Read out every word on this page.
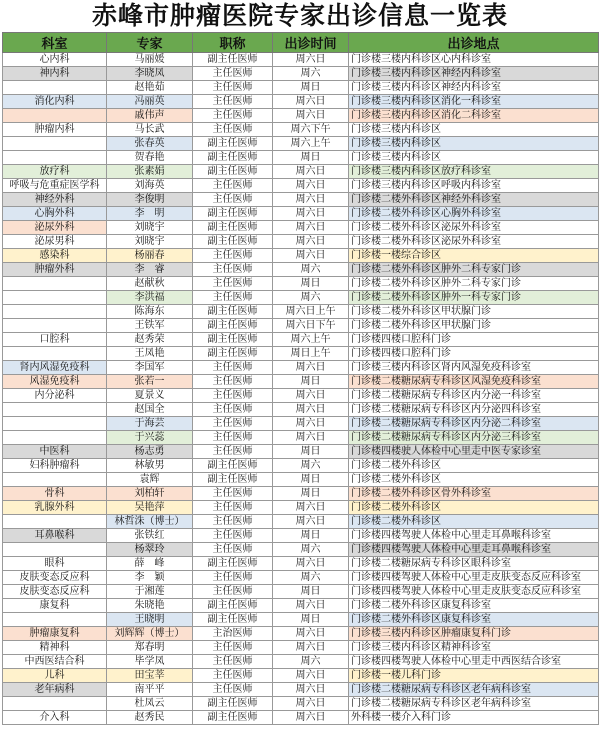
赤峰市肿瘤医院专家出诊信息一览表
科室	专家	职称	出诊时间	出诊地点
心内科	马丽媛	副主任医师	周六日	门诊楼三楼内科诊区心内科诊室
神内科	李晓凤	主任医师	周六	门诊楼三楼内科诊区神经内科诊室
	赵艳茹	主任医师	周日	门诊楼三楼内科诊区神经内科诊室
消化内科	冯丽英	主任医师	周六日	门诊楼三楼内科诊区消化一科诊室
	戚伟声	主任医师	周六日	门诊楼三楼内科诊区消化二科诊室
肿瘤内科	马长武	主任医师	周六下午	门诊楼三楼内科诊区
	张春英	副主任医师	周六上午	门诊楼三楼内科诊区
	贺春艳	副主任医师	周日	门诊楼三楼内科诊区
放疗科	张素娟	副主任医师	周六日	门诊楼三楼内科诊区放疗科诊室
呼吸与危重症医学科	刘海英	主任医师	周六日	门诊楼三楼内科诊区呼吸内科诊室
神经外科	李俊明	主任医师	周六日	门诊楼二楼外科诊区神经外科诊室
心胸外科	李　明	副主任医师	周六日	门诊楼二楼外科诊区心胸外科诊室
泌尿外科	刘晓宇	副主任医师	周六日	门诊楼二楼外科诊区泌尿外科诊室
泌尿男科	刘晓宇	副主任医师	周六日	门诊楼二楼外科诊区泌尿外科诊室
感染科	杨丽春	主任医师	周六日	门诊楼一楼综合诊区
肿瘤外科	李　睿	主任医师	周六	门诊楼二楼外科诊区肿外二科专家门诊
	赵献秋	主任医师	周日	门诊楼二楼外科诊区肿外二科专家门诊
	李洪福	主任医师	周六	门诊楼二楼外科诊区肿外一科专家门诊
	陈海东	副主任医师	周六日上午	门诊楼二楼外科诊区甲状腺门诊
	王铁军	副主任医师	周六日下午	门诊楼二楼外科诊区甲状腺门诊
口腔科	赵秀荣	副主任医师	周六上午	门诊楼四楼口腔科门诊
	王凤艳	副主任医师	周日上午	门诊楼四楼口腔科门诊
肾内风湿免疫科	李国军	主任医师	周六日	门诊楼三楼内科诊区肾内风湿免疫科诊室
风湿免疫科	张若一	主任医师	周日	门诊楼二楼糖尿病专科诊区风湿免疫科诊室
内分泌科	夏景义	主任医师	周六日	门诊楼二楼糖尿病专科诊区内分泌一科诊室
	赵国全	主任医师	周六日	门诊楼二楼糖尿病专科诊区内分泌四科诊室
	于海芸	主任医师	周六日	门诊楼二楼糖尿病专科诊区内分泌二科诊室
	于兴蕊	主任医师	周六日	门诊楼二楼糖尿病专科诊区内分泌三科诊室
中医科	杨志勇	主任医师	周日	门诊楼四楼驶人体检中心里走中医专家诊室
妇科肿瘤科	林敏男	副主任医师	周六	门诊楼二楼外科诊区
	袁辉	副主任医师	周日	门诊楼二楼外科诊区
骨科	刘柏轩	主任医师	周日	门诊楼二楼外科诊区骨外科诊室
乳腺外科	吴艳萍	主任医师	周六日	门诊楼二楼外科诊区
	林哲洙（博士）	主任医师	周六日	门诊楼二楼外科诊区
耳鼻喉科	张铁红	主任医师	周日	门诊楼四楼驾驶人体检中心里走耳鼻喉科诊室
	杨翠玲	主任医师	周六	门诊楼四楼驾驶人体检中心里走耳鼻喉科诊室
眼科	薛　峰	副主任医师	周六日	门诊楼二楼糖尿病专科诊区眼科诊室
皮肤变态反应科	李　颖	主任医师	周六	门诊楼四楼驾驶人体检中心里走皮肤变态反应科诊室
皮肤变态反应科	于湘莲	主任医师	周日	门诊楼四楼驾驶人体检中心里走皮肤变态反应科诊室
康复科	朱晓艳	副主任医师	周六日	门诊楼二楼外科诊区康复科诊室
	王晓明	副主任医师	周日	门诊楼二楼外科诊区康复科诊室
肿瘤康复科	刘辉辉（博士）	主治医师	周六日	门诊楼三楼内科诊区肿瘤康复科门诊
精神科	郑春明	主任医师	周六日	门诊楼三楼内科诊区精神科诊室
中西医结合科	毕学凤	主任医师	周六	门诊楼四楼驾驶人体检中心里走中西医结合诊室
儿科	田宝莘	主任医师	周六日	门诊楼一楼儿科门诊
老年病科	南平平	主任医师	周六日	门诊楼二楼糖尿病专科诊区老年病科诊室
	杜凤云	副主任医师	周六日	门诊楼二楼糖尿病专科诊区老年病科诊室
介入科	赵秀民	副主任医师	周六日	外科楼一楼介入科门诊
